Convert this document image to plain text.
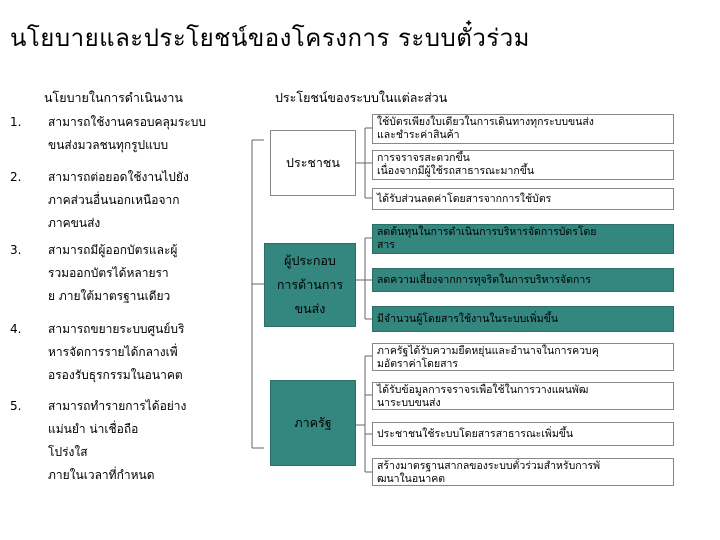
นโยบายและประโยชน์ของโครงการ ระบบตั๋วร่วม
นโยบายในการดำเนินงาน	ประโยชน์ของระบบในแต่ละส่วน
1.	สามารถใช้งานครอบคลุมระบบ
ขนส่งมวลชนทุกรูปแบบ
2.	สามารถต่อยอดใช้งานไปยัง
ภาคส่วนอื่นนอกเหนือจาก
ภาคขนส่ง
3.	สามารถมีผู้ออกบัตรและผู้
รวมออกบัตรได้หลายรา
ย ภายใต้มาตรฐานเดียว
4.	สามารถขยายระบบศูนย์บริ
หารจัดการรายได้กลางเพื่
อรองรับธุรกรรมในอนาคต
5.	สามารถทำรายการได้อย่าง
แม่นยำ น่าเชื่อถือ
โปร่งใส
ภายในเวลาที่กำหนด
ประชาชน
ผู้ประกอบ
การด้านการ
ขนส่ง
ภาครัฐ
ใช้บัตรเพียงใบเดียวในการเดินทางทุกระบบขนส่ง
และชำระค่าสินค้า
การจราจรสะดวกขึ้น
เนื่องจากมีผู้ใช้รถสาธารณะมากขึ้น
ได้รับส่วนลดค่าโดยสารจากการใช้บัตร
ลดต้นทุนในการดำเนินการบริหารจัดการบัตรโดย
สาร
ลดความเสี่ยงจากการทุจริตในการบริหารจัดการ
มีจำนวนผู้โดยสารใช้งานในระบบเพิ่มขึ้น
ภาครัฐได้รับความยืดหยุ่นและอำนาจในการควบคุ
มอัตราค่าโดยสาร
ได้รับข้อมูลการจราจรเพื่อใช้ในการวางแผนพัฒ
นาระบบขนส่ง
ประชาชนใช้ระบบโดยสารสาธารณะเพิ่มขึ้น
สร้างมาตรฐานสากลของระบบตั๋วร่วมสำหรับการพั
ฒนาในอนาคต
